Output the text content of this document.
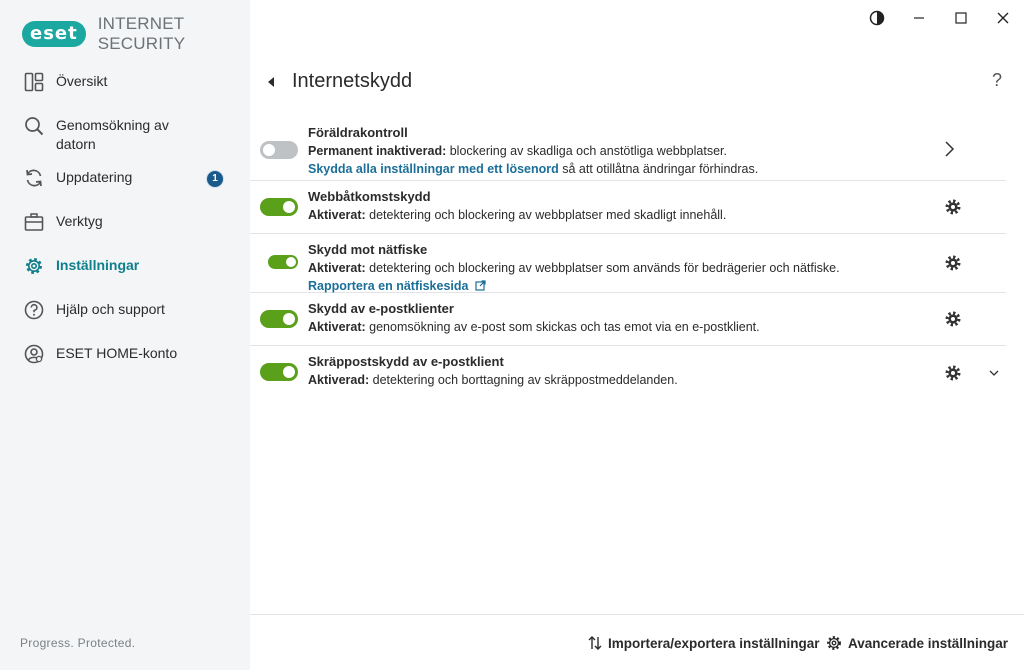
eset	INTERNET SECURITY
Översikt
Genomsökning av datorn
Uppdatering	1
Verktyg
Inställningar
Hjälp och support
ESET HOME-konto
Progress. Protected.
Internetskydd	?
Föräldrakontroll
Permanent inaktiverad: blockering av skadliga och anstötliga webbplatser.
Skydda alla inställningar med ett lösenord så att otillåtna ändringar förhindras.
Webbåtkomstskydd
Aktiverat: detektering och blockering av webbplatser med skadligt innehåll.
Skydd mot nätfiske
Aktiverat: detektering och blockering av webbplatser som används för bedrägerier och nätfiske.
Rapportera en nätfiskesida
Skydd av e-postklienter
Aktiverat: genomsökning av e-post som skickas och tas emot via en e-postklient.
Skräppostskydd av e-postklient
Aktiverad: detektering och borttagning av skräppostmeddelanden.
Importera/exportera inställningar Avancerade inställningar
